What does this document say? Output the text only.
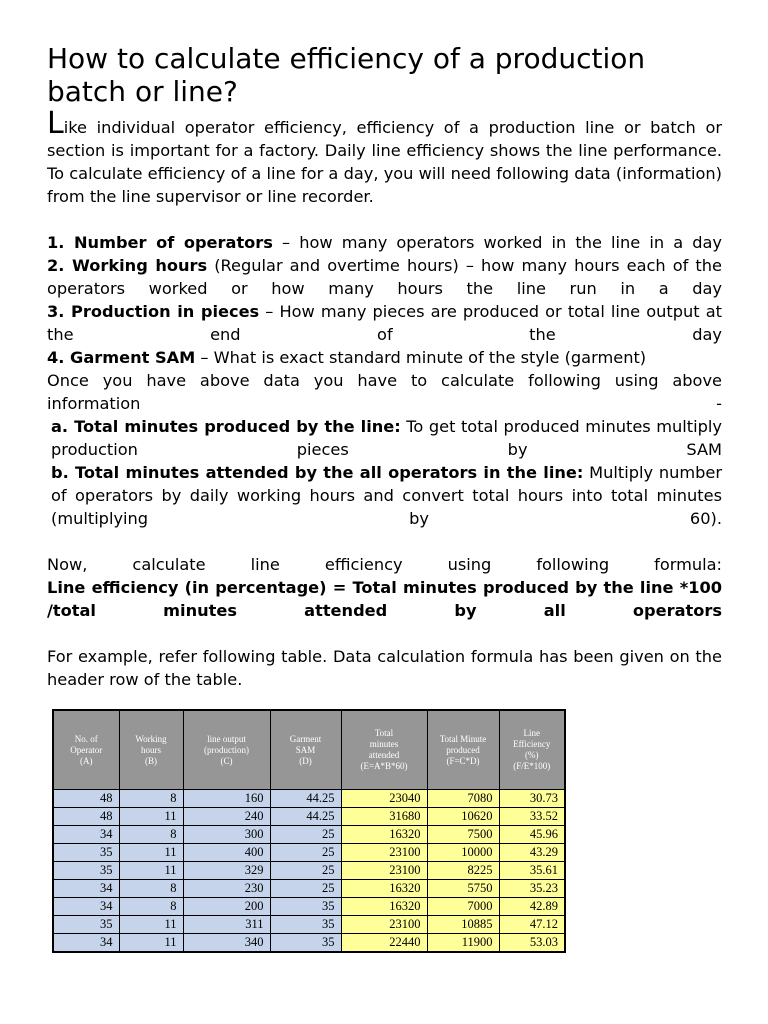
How to calculate efficiency of a production
batch or line?

Like individual operator efficiency, efficiency of a production line or batch or section is important for a factory. Daily line efficiency shows the line performance. To calculate efficiency of a line for a day, you will need following data (information) from the line supervisor or line recorder.

1. Number of operators – how many operators worked in the line in a day

2. Working hours (Regular and overtime hours) – how many hours each of the operators worked or how many hours the line run in a day

3. Production in pieces – How many pieces are produced or total line output at the end of the day

4. Garment SAM – What is exact standard minute of the style (garment)

Once you have above data you have to calculate following using above information -

a. Total minutes produced by the line: To get total produced minutes multiply production pieces by SAM

b. Total minutes attended by the all operators in the line: Multiply number of operators by daily working hours and convert total hours into total minutes (multiplying by 60).

Now, calculate line efficiency using following formula:

Line efficiency (in percentage) = Total minutes produced by the line *100 /total minutes attended by all operators

For example, refer following table. Data calculation formula has been given on the header row of the table.

No. of
Operator
(A)	Working
hours
(B)	line output
(production)
(C)	Garment
SAM
(D)	Total
minutes
attended
(E=A*B*60)	Total Minute
produced
(F=C*D)	Line
Efficiency
(%)
(F/E*100)

48	8	160	44.25	23040	7080	30.73
48	11	240	44.25	31680	10620	33.52
34	8	300	25	16320	7500	45.96
35	11	400	25	23100	10000	43.29
35	11	329	25	23100	8225	35.61
34	8	230	25	16320	5750	35.23
34	8	200	35	16320	7000	42.89
35	11	311	35	23100	10885	47.12
34	11	340	35	22440	11900	53.03
